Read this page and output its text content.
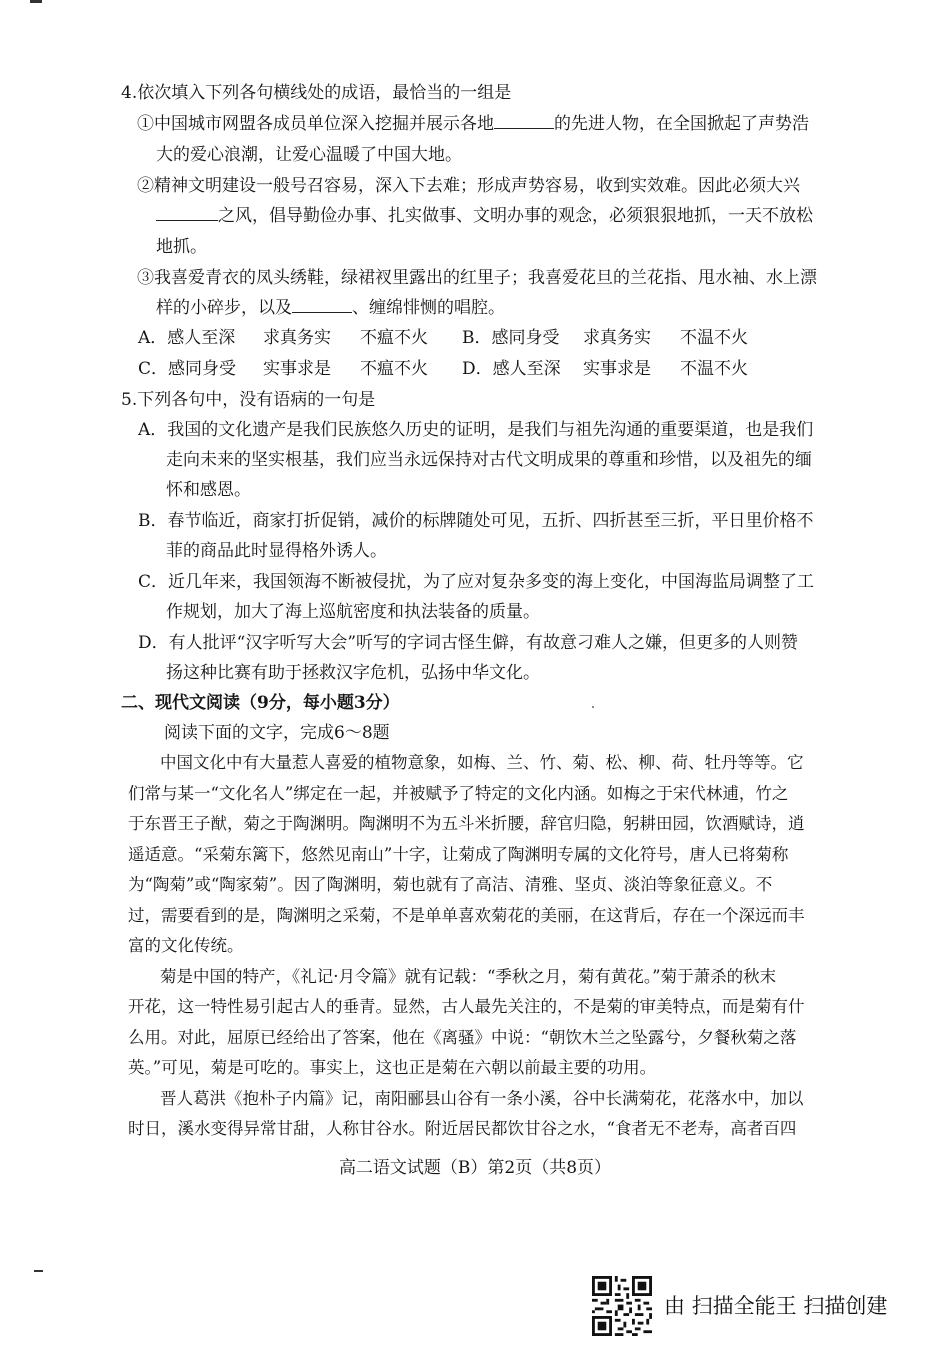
4.依次填入下列各句横线处的成语，最恰当的一组是
①中国城市网盟各成员单位深入挖掘并展示各地	的先进人物，在全国掀起了声势浩
大的爱心浪潮，让爱心温暖了中国大地。
②精神文明建设一般号召容易，深入下去难；形成声势容易，收到实效难。因此必须大兴
之风，倡导勤俭办事、扎实做事、文明办事的观念，必须狠狠地抓，一天不放松
地抓。
③我喜爱青衣的凤头绣鞋，绿裙衩里露出的红里子；我喜爱花旦的兰花指、甩水袖、水上漂
样的小碎步，以及	、缠绵悱恻的唱腔。
A．感人至深 求真务实 不瘟不火 B．感同身受 求真务实 不温不火
C．感同身受 实事求是 不瘟不火 D．感人至深 实事求是 不温不火
5.下列各句中，没有语病的一句是
A．我国的文化遗产是我们民族悠久历史的证明，是我们与祖先沟通的重要渠道，也是我们
走向未来的坚实根基，我们应当永远保持对古代文明成果的尊重和珍惜，以及祖先的缅
怀和感恩。
B．春节临近，商家打折促销，减价的标牌随处可见，五折、四折甚至三折，平日里价格不
菲的商品此时显得格外诱人。
C．近几年来，我国领海不断被侵扰，为了应对复杂多变的海上变化，中国海监局调整了工
作规划，加大了海上巡航密度和执法装备的质量。
D．有人批评“汉字听写大会”听写的字词古怪生僻，有故意刁难人之嫌，但更多的人则赞
扬这种比赛有助于拯救汉字危机，弘扬中华文化。
二、现代文阅读（9分，每小题3分）
阅读下面的文字，完成6～8题
中国文化中有大量惹人喜爱的植物意象，如梅、兰、竹、菊、松、柳、荷、牡丹等等。它
们常与某一“文化名人”绑定在一起，并被赋予了特定的文化内涵。如梅之于宋代林逋，竹之
于东晋王子猷，菊之于陶渊明。陶渊明不为五斗米折腰，辞官归隐，躬耕田园，饮酒赋诗，逍
遥适意。“采菊东篱下，悠然见南山”十字，让菊成了陶渊明专属的文化符号，唐人已将菊称
为“陶菊”或“陶家菊”。因了陶渊明，菊也就有了高洁、清雅、坚贞、淡泊等象征意义。不
过，需要看到的是，陶渊明之采菊，不是单单喜欢菊花的美丽，在这背后，存在一个深远而丰
富的文化传统。
菊是中国的特产，《礼记·月令篇》就有记载：“季秋之月，菊有黄花。”菊于萧杀的秋末
开花，这一特性易引起古人的垂青。显然，古人最先关注的，不是菊的审美特点，而是菊有什
么用。对此，屈原已经给出了答案，他在《离骚》中说：“朝饮木兰之坠露兮，夕餐秋菊之落
英。”可见，菊是可吃的。事实上，这也正是菊在六朝以前最主要的功用。
晋人葛洪《抱朴子内篇》记，南阳郦县山谷有一条小溪，谷中长满菊花，花落水中，加以
时日，溪水变得异常甘甜，人称甘谷水。附近居民都饮甘谷之水，“食者无不老寿，高者百四
高二语文试题（B）第2页（共8页）
由 扫描全能王 扫描创建
